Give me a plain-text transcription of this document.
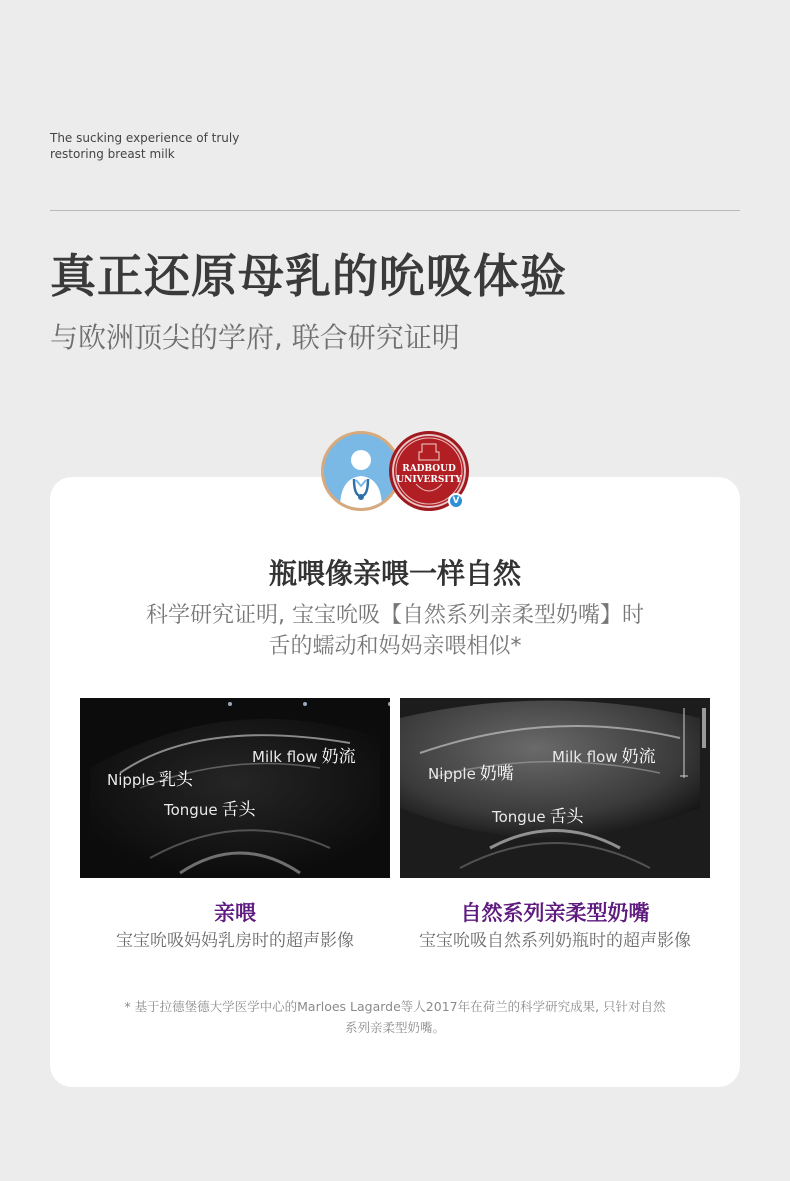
The sucking experience of truly
restoring breast milk
真正还原母乳的吮吸体验
与欧洲顶尖的学府, 联合研究证明
RADBOUD
UNIVERSITY
V
瓶喂像亲喂一样自然
科学研究证明, 宝宝吮吸【自然系列亲柔型奶嘴】时
舌的蠕动和妈妈亲喂相似*
Milk flow 奶流
Nipple 乳头
Tongue 舌头
Milk flow 奶流
Nipple 奶嘴
Tongue 舌头
亲喂
宝宝吮吸妈妈乳房时的超声影像
自然系列亲柔型奶嘴
宝宝吮吸自然系列奶瓶时的超声影像
* 基于拉德堡德大学医学中心的Marloes Lagarde等人2017年在荷兰的科学研究成果, 只针对自然
系列亲柔型奶嘴。
